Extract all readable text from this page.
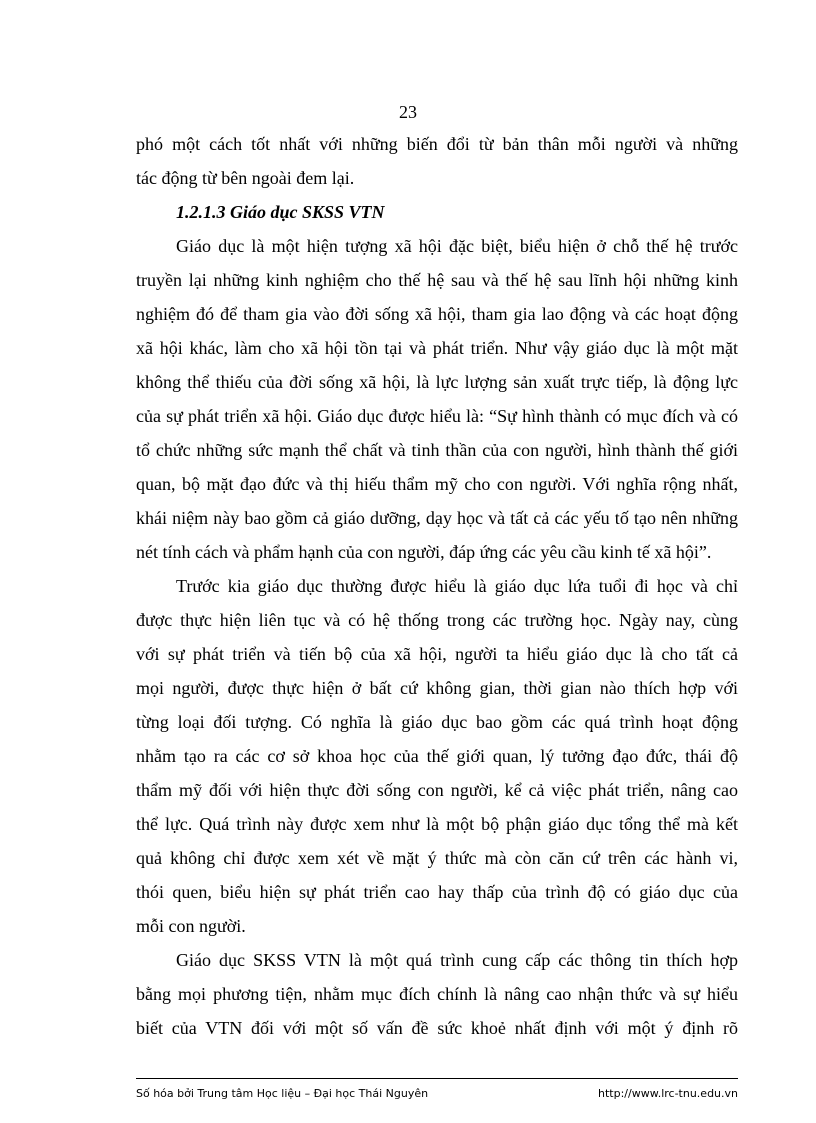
23
phó một cách tốt nhất với những biến đổi từ bản thân mỗi người và những
tác động từ bên ngoài đem lại.
1.2.1.3 Giáo dục SKSS VTN
Giáo dục là một hiện tượng xã hội đặc biệt, biểu hiện ở chỗ thế hệ trước
truyền lại những kinh nghiệm cho thế hệ sau và thế hệ sau lĩnh hội những kinh
nghiệm đó để tham gia vào đời sống xã hội, tham gia lao động và các hoạt động
xã hội khác, làm cho xã hội tồn tại và phát triển. Như vậy giáo dục là một mặt
không thể thiếu của đời sống xã hội, là lực lượng sản xuất trực tiếp, là động lực
của sự phát triển xã hội. Giáo dục được hiểu là: “Sự hình thành có mục đích và có
tổ chức những sức mạnh thể chất và tinh thần của con người, hình thành thế giới
quan, bộ mặt đạo đức và thị hiếu thẩm mỹ cho con người. Với nghĩa rộng nhất,
khái niệm này bao gồm cả giáo dưỡng, dạy học và tất cả các yếu tố tạo nên những
nét tính cách và phẩm hạnh của con người, đáp ứng các yêu cầu kinh tế xã hội”.
Trước kia giáo dục thường được hiểu là giáo dục lứa tuổi đi học và chỉ
được thực hiện liên tục và có hệ thống trong các trường học. Ngày nay, cùng
với sự phát triển và tiến bộ của xã hội, người ta hiểu giáo dục là cho tất cả
mọi người, được thực hiện ở bất cứ không gian, thời gian nào thích hợp với
từng loại đối tượng. Có nghĩa là giáo dục bao gồm các quá trình hoạt động
nhằm tạo ra các cơ sở khoa học của thế giới quan, lý tưởng đạo đức, thái độ
thẩm mỹ đối với hiện thực đời sống con người, kể cả việc phát triển, nâng cao
thể lực. Quá trình này được xem như là một bộ phận giáo dục tổng thể mà kết
quả không chỉ được xem xét về mặt ý thức mà còn căn cứ trên các hành vi,
thói quen, biểu hiện sự phát triển cao hay thấp của trình độ có giáo dục của
mỗi con người.
Giáo dục SKSS VTN là một quá trình cung cấp các thông tin thích hợp
bằng mọi phương tiện, nhằm mục đích chính là nâng cao nhận thức và sự hiểu
biết của VTN đối với một số vấn đề sức khoẻ nhất định với một ý định rõ
Số hóa bởi Trung tâm Học liệu – Đại học Thái Nguyên	http://www.lrc-tnu.edu.vn
